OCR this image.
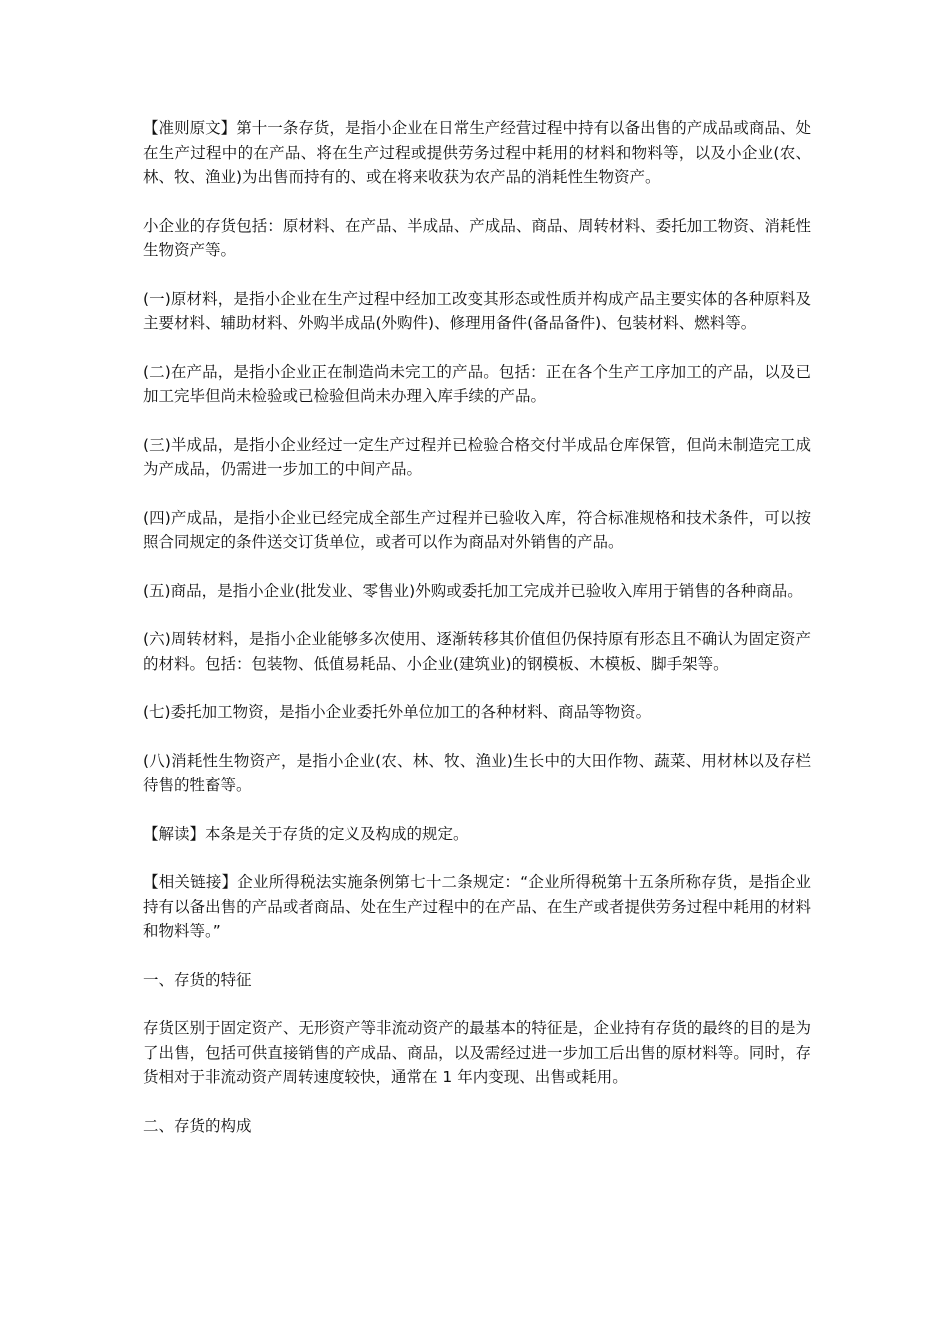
【准则原文】第十一条存货，是指小企业在日常生产经营过程中持有以备出售的产成品或商品、处在生产过程中的在产品、将在生产过程或提供劳务过程中耗用的材料和物料等，以及小企业(农、林、牧、渔业)为出售而持有的、或在将来收获为农产品的消耗性生物资产。

小企业的存货包括：原材料、在产品、半成品、产成品、商品、周转材料、委托加工物资、消耗性生物资产等。

(一)原材料，是指小企业在生产过程中经加工改变其形态或性质并构成产品主要实体的各种原料及主要材料、辅助材料、外购半成品(外购件)、修理用备件(备品备件)、包装材料、燃料等。

(二)在产品，是指小企业正在制造尚未完工的产品。包括：正在各个生产工序加工的产品，以及已加工完毕但尚未检验或已检验但尚未办理入库手续的产品。

(三)半成品，是指小企业经过一定生产过程并已检验合格交付半成品仓库保管，但尚未制造完工成为产成品，仍需进一步加工的中间产品。

(四)产成品，是指小企业已经完成全部生产过程并已验收入库，符合标准规格和技术条件，可以按照合同规定的条件送交订货单位，或者可以作为商品对外销售的产品。

(五)商品，是指小企业(批发业、零售业)外购或委托加工完成并已验收入库用于销售的各种商品。

(六)周转材料，是指小企业能够多次使用、逐渐转移其价值但仍保持原有形态且不确认为固定资产的材料。包括：包装物、低值易耗品、小企业(建筑业)的钢模板、木模板、脚手架等。

(七)委托加工物资，是指小企业委托外单位加工的各种材料、商品等物资。

(八)消耗性生物资产，是指小企业(农、林、牧、渔业)生长中的大田作物、蔬菜、用材林以及存栏待售的牲畜等。

【解读】本条是关于存货的定义及构成的规定。

【相关链接】企业所得税法实施条例第七十二条规定：“企业所得税第十五条所称存货，是指企业持有以备出售的产品或者商品、处在生产过程中的在产品、在生产或者提供劳务过程中耗用的材料和物料等。”

一、存货的特征

存货区别于固定资产、无形资产等非流动资产的最基本的特征是，企业持有存货的最终的目的是为了出售，包括可供直接销售的产成品、商品，以及需经过进一步加工后出售的原材料等。同时，存货相对于非流动资产周转速度较快，通常在 1 年内变现、出售或耗用。

二、存货的构成
